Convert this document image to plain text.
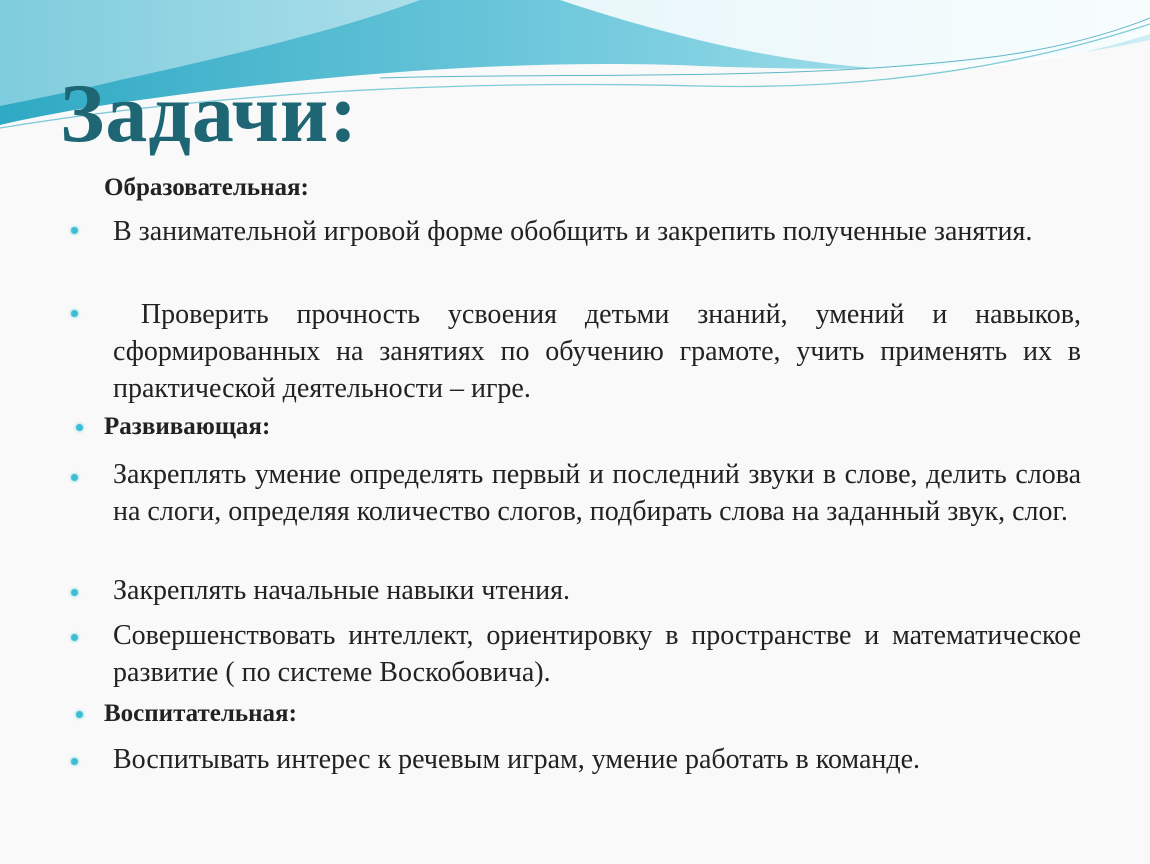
Задачи:
Образовательная:
В занимательной игровой форме обобщить и закрепить полученные занятия.
Проверить прочность усвоения детьми знаний, умений и навыков, сформированных на занятиях по обучению грамоте, учить применять их в практической деятельности – игре.
Развивающая:
Закреплять умение определять первый и последний звуки в слове, делить слова на слоги, определяя количество слогов, подбирать слова на заданный звук, слог.
Закреплять начальные навыки чтения.
Совершенствовать интеллект, ориентировку в пространстве и математическое развитие ( по системе Воскобовича).
Воспитательная:
Воспитывать интерес к речевым играм, умение работать в команде.
